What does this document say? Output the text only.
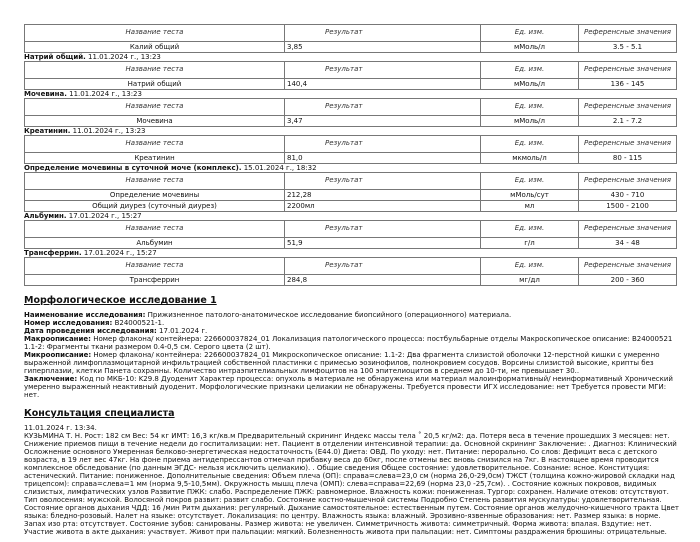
Название теста	Результат	Ед. изм.	Референсные значения
Калий общий	3,85	мМоль/л	3.5 - 5.1
Натрий общий. 11.01.2024 г., 13:23
Название теста	Результат	Ед. изм.	Референсные значения
Натрий общий	140,4	мМоль/л	136 - 145
Мочевина. 11.01.2024 г., 13:23
Название теста	Результат	Ед. изм.	Референсные значения
Мочевина	3,47	мМоль/л	2.1 - 7.2
Креатинин. 11.01.2024 г., 13:23
Название теста	Результат	Ед. изм.	Референсные значения
Креатинин	81,0	мкмоль/л	80 - 115
Определение мочевины в суточной моче (комплекс). 15.01.2024 г., 18:32
Название теста	Результат	Ед. изм.	Референсные значения
Определение мочевины	212,28	мМоль/сут	430 - 710
Общий диурез (суточный диурез)	2200мл	мл	1500 - 2100
Альбумин. 17.01.2024 г., 15:27
Название теста	Результат	Ед. изм.	Референсные значения
Альбумин	51,9	г/л	34 - 48
Трансферрин. 17.01.2024 г., 15:27
Название теста	Результат	Ед. изм.	Референсные значения
Трансферрин	284,8	мг/дл	200 - 360
Морфологическое исследование 1

Наименование исследования: Прижизненное патолого-анатомическое исследование биопсийного (операционного) материала.

Номер исследования: B24000521-1.

Дата проведения исследования: 17.01.2024 г.

Макроописание: Номер флакона/ контейнера: 226600037824_01 Локализация патологического процесса: постбульбарные отделы Макроскопическое описание: B24000521 1.1-2: Фрагменты ткани размером 0.4-0,5 см. Серого цвета (2 шт).

Микроописание: Номер флакона/ контейнера: 226600037824_01 Микроскопическое описание: 1.1-2: Два фрагмента слизистой оболочки 12-перстной кишки с умеренно выраженной лимфоплазмоцитарной инфильтрацией собственной пластинки с примесью эозинофилов, полнокровием сосудов. Ворсины слизистой высокие, крипты без гиперплазии, клетки Панета сохранны. Количество интраэпителиальных лимфоцитов на 100 эпителиоцитов в среднем до 10-ти, не превышает 30..

Заключение: Код по МКБ-10: K29.8 Дуоденит Характер процесса: опухоль в материале не обнаружена или материал малоинформативный/ неинформативный Хронический умеренно выраженный неактивный дуоденит. Морфологические признаки целиакии не обнаружены. Требуется провести ИГХ исследование: нет Требуется провести МГИ: нет.

Консультация специалиста

11.01.2024 г. 13:34.

КУЗЬМИНА Т. Н. Рост: 182 см Вес: 54 кг ИМТ: 16,3 кг/кв.м Предварительный скрининг Индекс массы тела ˚ 20,5 кг/м2: да. Потеря веса в течение прошедших 3 месяцев: нет. Снижение приемов пищи в течение недели до госпитализации: нет. Пациент в отделении интенсивной терапии: да. Основной скрининг Заключение: . Диагноз: Клинический Осложнение основного Умеренная белково-энергетическая недостаточность (E44.0) Диета: ОВД. По уходу: нет. Питание: перорально. Со слов: Дефицит веса с детского возраста, в 19 лет вес 47кг. На фоне приема антидепрессантов отмечал прибавку веса до 60кг, после отмены вес вновь снизился на 7кг. В настоящее время проводится комплексное обследование (по данным ЭГДС- нельзя исключить целиакию). . Общие сведения Общее состояние: удовлетворительное. Сознание: ясное. Конституция: астенический. Питание: пониженное. Дополнительные сведения: Объем плеча (ОП): справа=слева=23,0 см (норма 26,0-29,0см) ТЖСТ (толщина кожно-жировой складки над трицепсом): справа=слева=1 мм (норма 9,5-10,5мм). Окружность мышц плеча (ОМП): слева=справа=22,69 (норма 23,0 -25,7см). . Состояние кожных покровов, видимых слизистых, лимфатических узлов Развитие ПЖК: слабо. Распределение ПЖК: равномерное. Влажность кожи: пониженная. Тургор: сохранен. Наличие отеков: отсутствуют. Тип оволосения: мужской. Волосяной покров развит: развит слабо. Состояние костно-мышечной системы Подробно Степень развития мускулатуры: удовлетворительная. Состояние органов дыхания ЧДД: 16 /мин Ритм дыхания: регулярный. Дыхание самостоятельное: естественным путем. Состояние органов желудочно-кишечного тракта Цвет языка: бледно-розовый. Налет на языке: отсутствует. Локализация: по центру. Влажность языка: влажный. Эрозивно-язвенные образования: нет. Размер языка: в норме. Запах изо рта: отсутствует. Состояние зубов: санированы. Размер живота: не увеличен. Симметричность живота: симметричный. Форма живота: впалая. Вздутие: нет. Участие живота в акте дыхания: участвует. Живот при пальпации: мягкий. Болезненность живота при пальпации: нет. Симптомы раздражения брюшины: отрицательные.
